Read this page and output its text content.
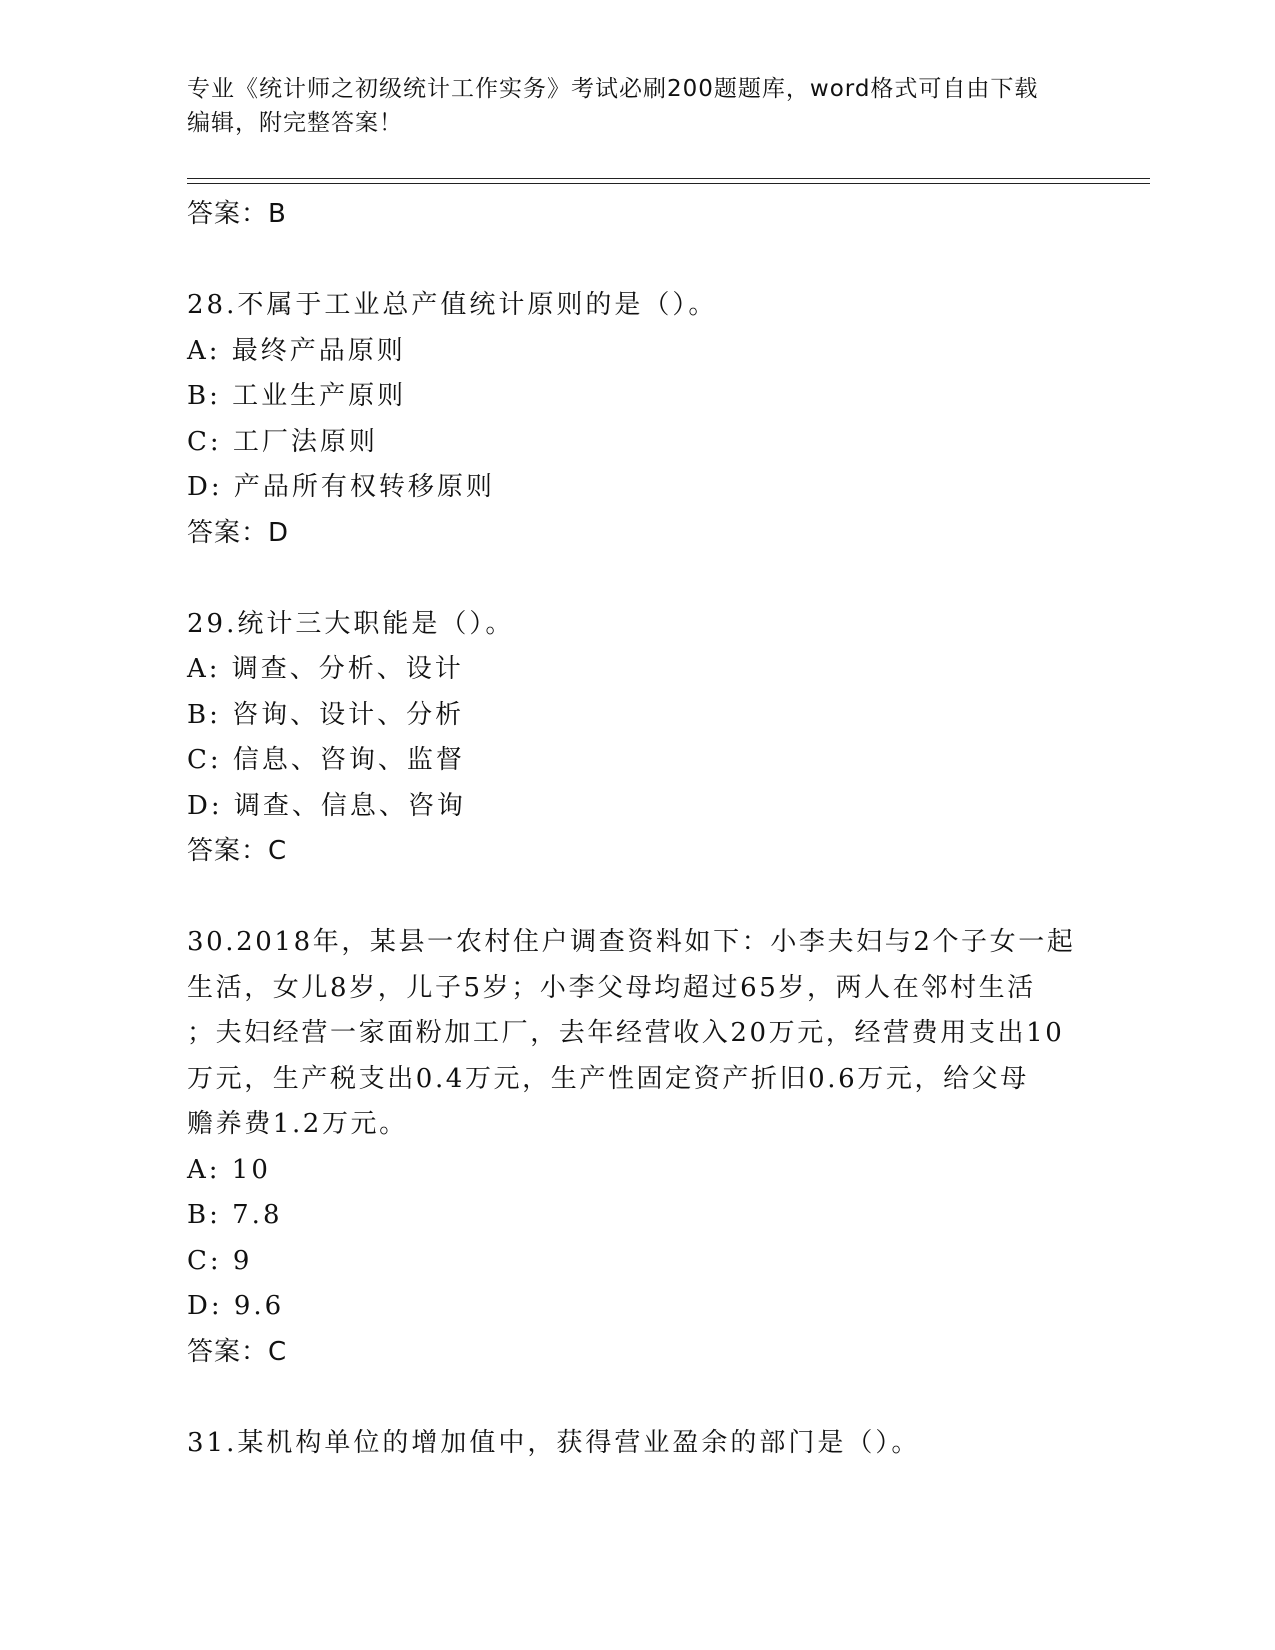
专业《统计师之初级统计工作实务》考试必刷200题题库，word格式可自由下载
编辑，附完整答案！
答案：B
28.不属于工业总产值统计原则的是（）。
A: 最终产品原则
B: 工业生产原则
C: 工厂法原则
D: 产品所有权转移原则
答案：D
29.统计三大职能是（）。
A: 调查、分析、设计
B: 咨询、设计、分析
C: 信息、咨询、监督
D: 调查、信息、咨询
答案：C
30.2018年，某县一农村住户调查资料如下：小李夫妇与2个子女一起
生活，女儿8岁，儿子5岁；小李父母均超过65岁，两人在邻村生活
；夫妇经营一家面粉加工厂，去年经营收入20万元，经营费用支出10
万元，生产税支出0.4万元，生产性固定资产折旧0.6万元，给父母
赡养费1.2万元。
A: 10
B: 7.8
C: 9
D: 9.6
答案：C
31.某机构单位的增加值中，获得营业盈余的部门是（）。
